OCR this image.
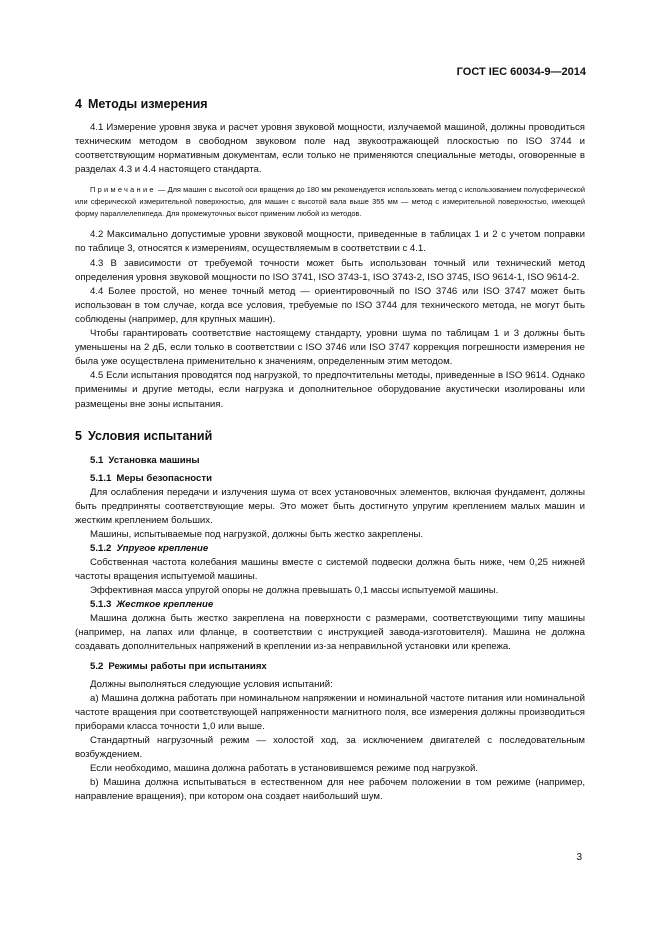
ГОСТ IEC 60034-9—2014
4 Методы измерения

4.1 Измерение уровня звука и расчет уровня звуковой мощности, излучаемой машиной, должны проводиться техническим методом в свободном звуковом поле над звукоотражающей плоскостью по ISO 3744 и соответствующим нормативным документам, если только не применяются специальные методы, оговоренные в разделах 4.3 и 4.4 настоящего стандарта.

Примечание — Для машин с высотой оси вращения до 180 мм рекомендуется использовать метод с использованием полусферической или сферической измерительной поверхностью, для машин с высотой вала выше 355 мм — метод с измерительной поверхностью, имеющей форму параллелепипеда. Для промежуточных высот применим любой из методов.

4.2 Максимально допустимые уровни звуковой мощности, приведенные в таблицах 1 и 2 с учетом поправки по таблице 3, относятся к измерениям, осуществляемым в соответствии с 4.1.

4.3 В зависимости от требуемой точности может быть использован точный или технический метод определения уровня звуковой мощности по ISO 3741, ISO 3743-1, ISO 3743-2, ISO 3745, ISO 9614-1, ISO 9614-2.

4.4 Более простой, но менее точный метод — ориентировочный по ISO 3746 или ISO 3747 может быть использован в том случае, когда все условия, требуемые по ISO 3744 для технического метода, не могут быть соблюдены (например, для крупных машин).

Чтобы гарантировать соответствие настоящему стандарту, уровни шума по таблицам 1 и 3 должны быть уменьшены на 2 дБ, если только в соответствии с ISO 3746 или ISO 3747 коррекция погрешности измерения не была уже осуществлена применительно к значениям, определенным этим методом.

4.5 Если испытания проводятся под нагрузкой, то предпочтительны методы, приведенные в ISO 9614. Однако применимы и другие методы, если нагрузка и дополнительное оборудование акустически изолированы или размещены вне зоны испытания.

5 Условия испытаний
5.1 Установка машины
5.1.1 Меры безопасности

Для ослабления передачи и излучения шума от всех установочных элементов, включая фундамент, должны быть предприняты соответствующие меры. Это может быть достигнуто упругим креплением малых машин и жестким креплением больших.

Машины, испытываемые под нагрузкой, должны быть жестко закреплены.

5.1.2 Упругое крепление

Собственная частота колебания машины вместе с системой подвески должна быть ниже, чем 0,25 нижней частоты вращения испытуемой машины.

Эффективная масса упругой опоры не должна превышать 0,1 массы испытуемой машины.

5.1.3 Жесткое крепление

Машина должна быть жестко закреплена на поверхности с размерами, соответствующими типу машины (например, на лапах или фланце, в соответствии с инструкцией завода-изготовителя). Машина не должна создавать дополнительных напряжений в креплении из-за неправильной установки или крепежа.

5.2 Режимы работы при испытаниях

Должны выполняться следующие условия испытаний:

a) Машина должна работать при номинальном напряжении и номинальной частоте питания или номинальной частоте вращения при соответствующей напряженности магнитного поля, все измерения должны производиться приборами класса точности 1,0 или выше.

Стандартный нагрузочный режим — холостой ход, за исключением двигателей с последовательным возбуждением.

Если необходимо, машина должна работать в установившемся режиме под нагрузкой.

b) Машина должна испытываться в естественном для нее рабочем положении в том режиме (например, направление вращения), при котором она создает наибольший шум.

3
